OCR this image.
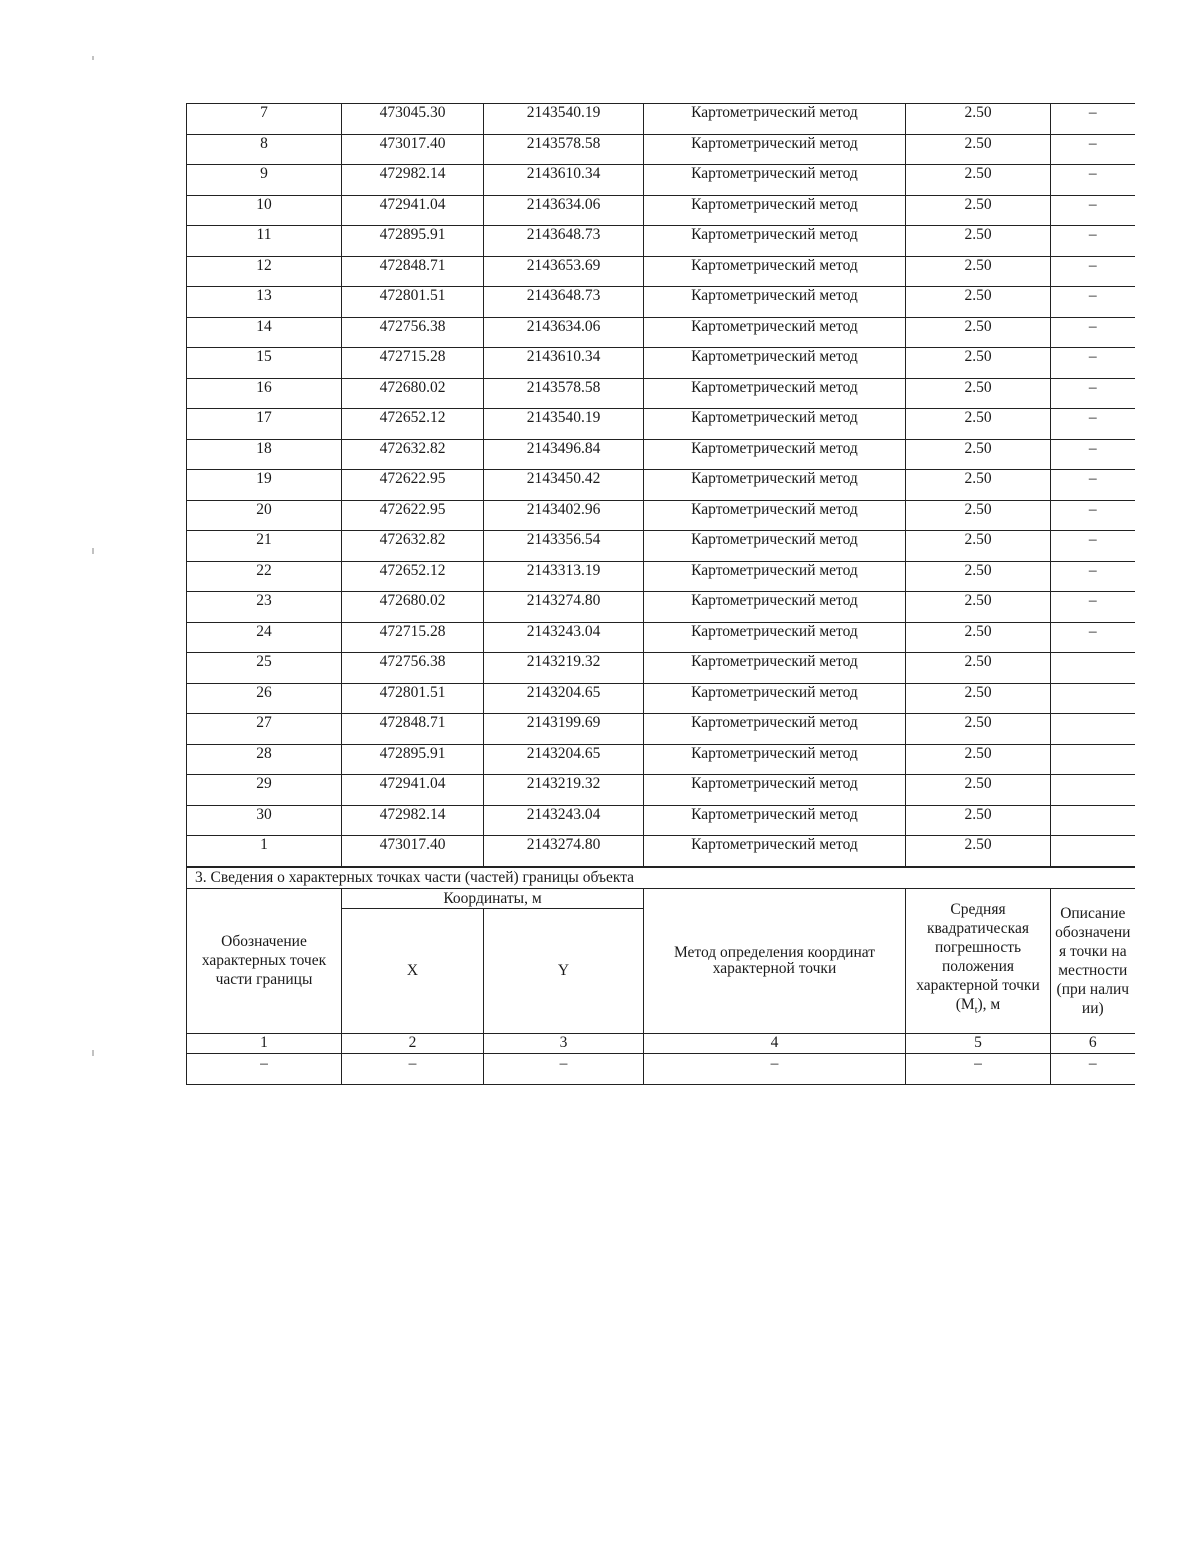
7	473045.30	2143540.19	Картометрический метод	2.50	–
8	473017.40	2143578.58	Картометрический метод	2.50	–
9	472982.14	2143610.34	Картометрический метод	2.50	–
10	472941.04	2143634.06	Картометрический метод	2.50	–
11	472895.91	2143648.73	Картометрический метод	2.50	–
12	472848.71	2143653.69	Картометрический метод	2.50	–
13	472801.51	2143648.73	Картометрический метод	2.50	–
14	472756.38	2143634.06	Картометрический метод	2.50	–
15	472715.28	2143610.34	Картометрический метод	2.50	–
16	472680.02	2143578.58	Картометрический метод	2.50	–
17	472652.12	2143540.19	Картометрический метод	2.50	–
18	472632.82	2143496.84	Картометрический метод	2.50	–
19	472622.95	2143450.42	Картометрический метод	2.50	–
20	472622.95	2143402.96	Картометрический метод	2.50	–
21	472632.82	2143356.54	Картометрический метод	2.50	–
22	472652.12	2143313.19	Картометрический метод	2.50	–
23	472680.02	2143274.80	Картометрический метод	2.50	–
24	472715.28	2143243.04	Картометрический метод	2.50	–
25	472756.38	2143219.32	Картометрический метод	2.50	
26	472801.51	2143204.65	Картометрический метод	2.50	
27	472848.71	2143199.69	Картометрический метод	2.50	
28	472895.91	2143204.65	Картометрический метод	2.50	
29	472941.04	2143219.32	Картометрический метод	2.50	
30	472982.14	2143243.04	Картометрический метод	2.50	
1	473017.40	2143274.80	Картометрический метод	2.50	
3. Сведения о характерных точках части (частей) границы объекта					
Обозначение характерных точек части границы	Координаты, м		Метод определения координат характерной точки	Средняя квадратическая погрешность положения характерной точки $(M_t)$, м	Описание обозначения точки на местности (при наличии)
	X	Y			
1	2	3	4	5	6
–	–	–	–	–	–
